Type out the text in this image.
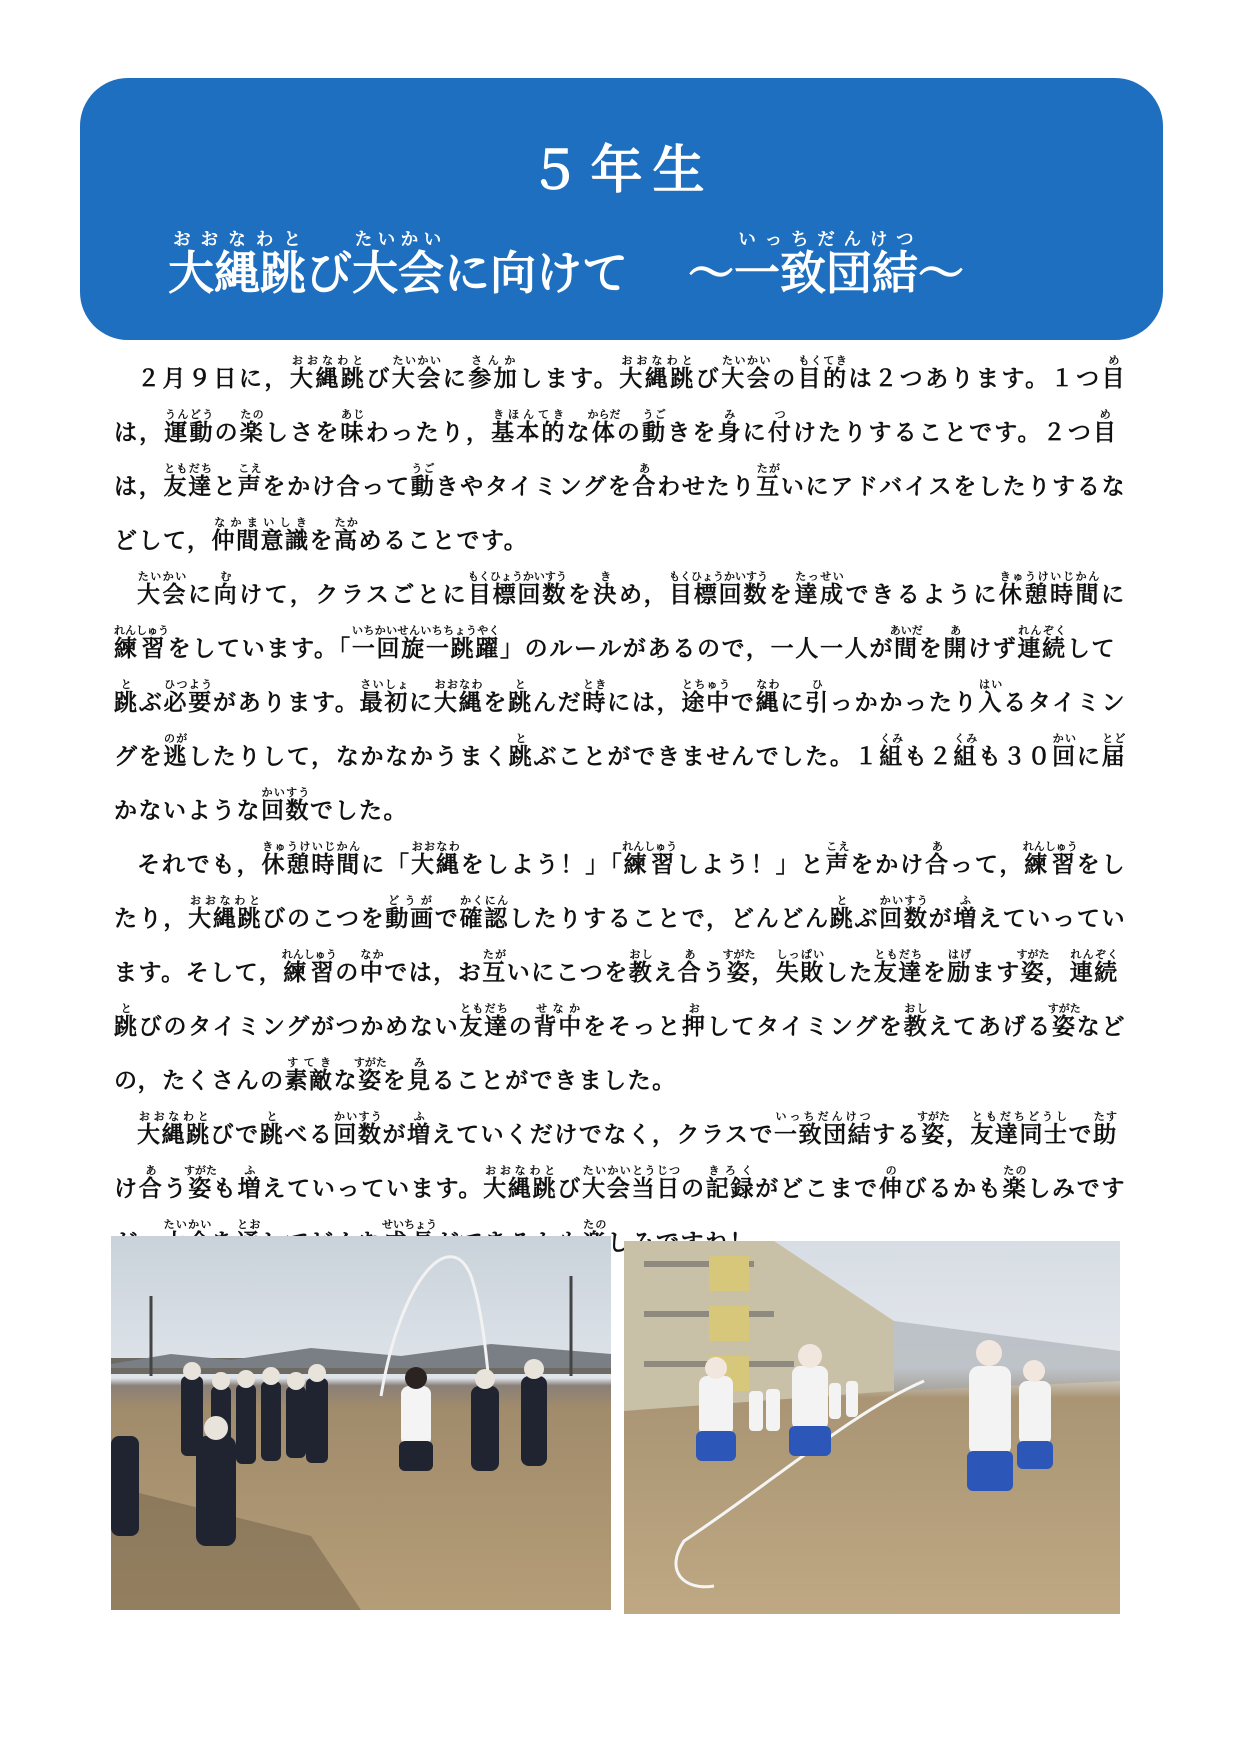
５年生
大縄跳おおなわとび大会たいかいに向けて ～一致団結いっちだんけつ～

２月９日に，大縄跳おおなわとび大会たいかいに参加さんかします。大縄跳おおなわとび大会たいかいの目的もくてきは２つあります。１つ目めは，運動うんどうの楽たのしさを味あじわったり，基本的きほんてきな体からだの動うごきを身みに付つけたりすることです。２つ目めは，友達ともだちと声こえをかけ合って動うごきやタイミングを合あわせたり互たがいにアドバイスをしたりするなどして，仲間意識なかまいしきを高たかめることです。

大会たいかいに向むけて，クラスごとに目標回数もくひょうかいすうを決きめ，目標回数もくひょうかいすうを達成たっせいできるように休憩時間きゅうけいじかんに練習れんしゅうをしています。「一回旋一跳躍いちかいせんいちちょうやく」のルールがあるので，一人一人が間あいだを開あけず連続れんぞくして跳とぶ必要ひつようがあります。最初さいしょに大縄おおなわを跳とんだ時ときには，途中とちゅうで縄なわに引ひっかかったり入はいるタイミングを逃のがしたりして，なかなかうまく跳とぶことができませんでした。１組くみも２組くみも３０回かいに届とどかないような回数かいすうでした。

それでも，休憩時間きゅうけいじかんに「大縄おおなわをしよう！」「練習れんしゅうしよう！」と声こえをかけ合あって，練習れんしゅうをしたり，大縄跳おおなわとびのこつを動画どうがで確認かくにんしたりすることで，どんどん跳とぶ回数かいすうが増ふえていっています。そして，練習れんしゅうの中なかでは，お互たがいにこつを教おしえ合あう姿すがた，失敗しっぱいした友達ともだちを励はげます姿すがた，連続れんぞく跳とびのタイミングがつかめない友達ともだちの背中せなかをそっと押おしてタイミングを教おしえてあげる姿すがたなどの，たくさんの素敵すてきな姿すがたを見みることができました。

大縄跳おおなわとびで跳とべる回数かいすうが増ふえていくだけでなく，クラスで一致団結いっちだんけつする姿すがた，友達同士ともだちどうしで助たすけ合あう姿すがたも増ふえていっています。大縄跳おおなわとび大会当日たいかいとうじつの記録きろくがどこまで伸のびるかも楽たのしみです たいかい とお	せいちょう	たの
